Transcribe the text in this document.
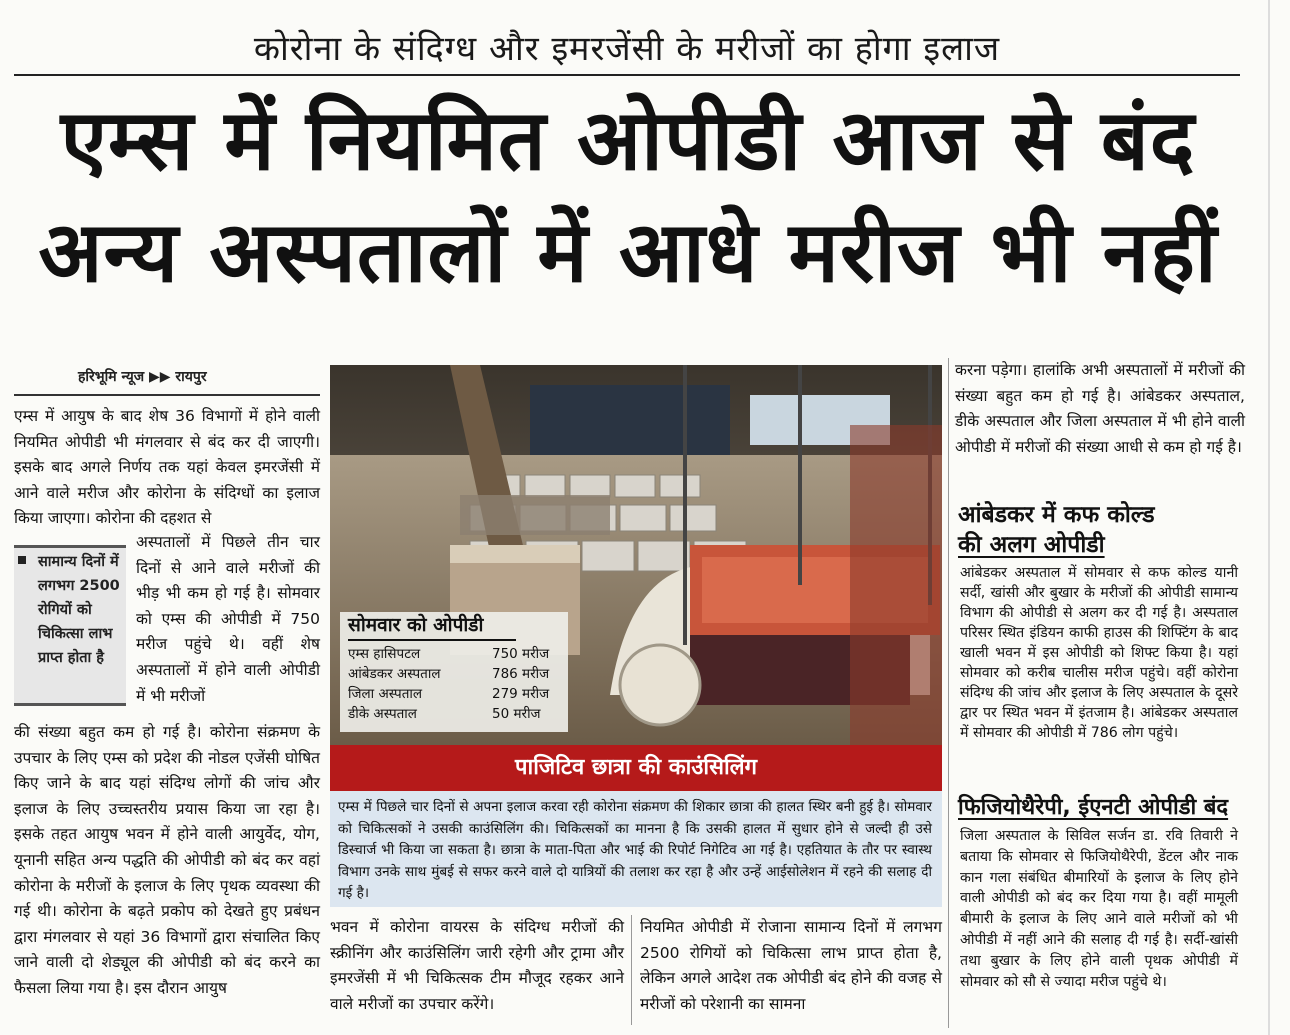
कोरोना के संदिग्ध और इमरजेंसी के मरीजों का होगा इलाज
एम्स में नियमित ओपीडी आज से बंद
अन्य अस्पतालों में आधे मरीज भी नहीं
हरिभूमि न्यूज ▶▶ रायपुर

एम्स में आयुष के बाद शेष 36 विभागों में होने वाली नियमित ओपीडी भी मंगलवार से बंद कर दी जाएगी। इसके बाद अगले निर्णय तक यहां केवल इमरजेंसी में आने वाले मरीज और कोरोना के संदिग्धों का इलाज किया जाएगा। कोरोना की दहशत से

सामान्य दिनों में लगभग 2500 रोगियों को चिकित्सा लाभ प्राप्त होता है

अस्पतालों में पिछले तीन चार दिनों से आने वाले मरीजों की भीड़ भी कम हो गई है। सोमवार को एम्स की ओपीडी में 750 मरीज पहुंचे थे। वहीं शेष अस्पतालों में होने वाली ओपीडी में भी मरीजों

की संख्या बहुत कम हो गई है। कोरोना संक्रमण के उपचार के लिए एम्स को प्रदेश की नोडल एजेंसी घोषित किए जाने के बाद यहां संदिग्ध लोगों की जांच और इलाज के लिए उच्चस्तरीय प्रयास किया जा रहा है। इसके तहत आयुष भवन में होने वाली आयुर्वेद, योग, यूनानी सहित अन्य पद्धति की ओपीडी को बंद कर वहां कोरोना के मरीजों के इलाज के लिए पृथक व्यवस्था की गई थी। कोरोना के बढ़ते प्रकोप को देखते हुए प्रबंधन द्वारा मंगलवार से यहां 36 विभागों द्वारा संचालित किए जाने वाली दो शेड्यूल की ओपीडी को बंद करने का फैसला लिया गया है। इस दौरान आयुष

सोमवार को ओपीडी
एम्स हासिपटल	750 मरीज
आंबेडकर अस्पताल	786 मरीज
जिला अस्पताल	279 मरीज
डीके अस्पताल	50 मरीज
पाजिटिव छात्रा की काउंसिलिंग
एम्स में पिछले चार दिनों से अपना इलाज करवा रही कोरोना संक्रमण की शिकार छात्रा की हालत स्थिर बनी हुई है। सोमवार को चिकित्सकों ने उसकी काउंसिलिंग की। चिकित्सकों का मानना है कि उसकी हालत में सुधार होने से जल्दी ही उसे डिस्चार्ज भी किया जा सकता है। छात्रा के माता-पिता और भाई की रिपोर्ट निगेटिव आ गई है। एहतियात के तौर पर स्वास्थ विभाग उनके साथ मुंबई से सफर करने वाले दो यात्रियों की तलाश कर रहा है और उन्हें आईसोलेशन में रहने की सलाह दी गई है।

भवन में कोरोना वायरस के संदिग्ध मरीजों की स्क्रीनिंग और काउंसिलिंग जारी रहेगी और ट्रामा और इमरजेंसी में भी चिकित्सक टीम मौजूद रहकर आने वाले मरीजों का उपचार करेंगे।

नियमित ओपीडी में रोजाना सामान्य दिनों में लगभग 2500 रोगियों को चिकित्सा लाभ प्राप्त होता है, लेकिन अगले आदेश तक ओपीडी बंद होने की वजह से मरीजों को परेशानी का सामना

करना पड़ेगा। हालांकि अभी अस्पतालों में मरीजों की संख्या बहुत कम हो गई है। आंबेडकर अस्पताल, डीके अस्पताल और जिला अस्पताल में भी होने वाली ओपीडी में मरीजों की संख्या आधी से कम हो गई है।

आंबेडकर में कफ कोल्ड
की अलग ओपीडी

आंबेडकर अस्पताल में सोमवार से कफ कोल्ड यानी सर्दी, खांसी और बुखार के मरीजों की ओपीडी सामान्य विभाग की ओपीडी से अलग कर दी गई है। अस्पताल परिसर स्थित इंडियन काफी हाउस की शिफ्टिंग के बाद खाली भवन में इस ओपीडी को शिफ्ट किया है। यहां सोमवार को करीब चालीस मरीज पहुंचे। वहीं कोरोना संदिग्ध की जांच और इलाज के लिए अस्पताल के दूसरे द्वार पर स्थित भवन में इंतजाम है। आंबेडकर अस्पताल में सोमवार की ओपीडी में 786 लोग पहुंचे।

फिजियोथैरेपी, ईएनटी ओपीडी बंद

जिला अस्पताल के सिविल सर्जन डा. रवि तिवारी ने बताया कि सोमवार से फिजियोथैरेपी, डेंटल और नाक कान गला संबंधित बीमारियों के इलाज के लिए होने वाली ओपीडी को बंद कर दिया गया है। वहीं मामूली बीमारी के इलाज के लिए आने वाले मरीजों को भी ओपीडी में नहीं आने की सलाह दी गई है। सर्दी-खांसी तथा बुखार के लिए होने वाली पृथक ओपीडी में सोमवार को सौ से ज्यादा मरीज पहुंचे थे।
